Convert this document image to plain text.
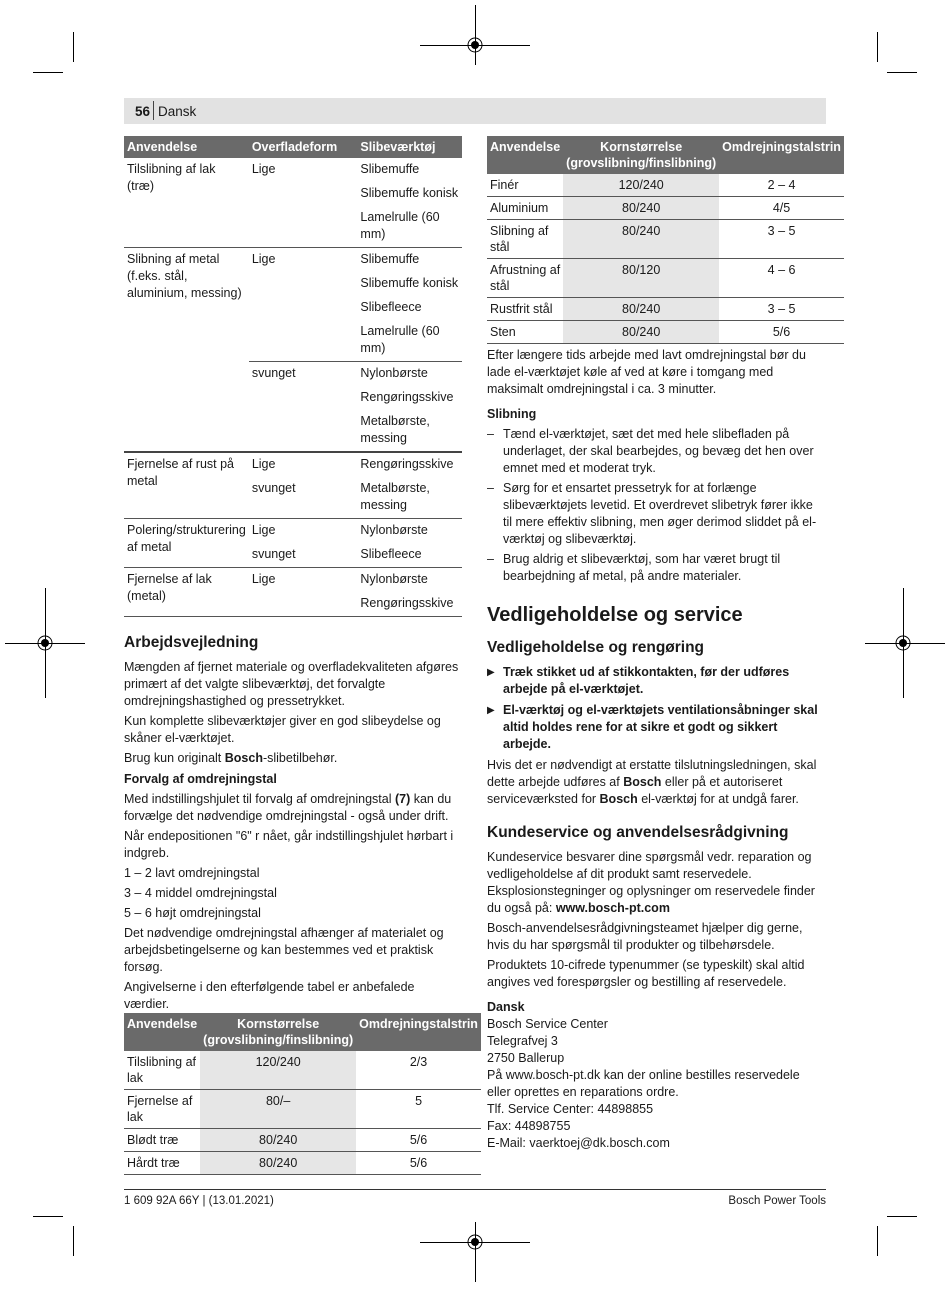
56 Dansk
Anvendelse	Overfladeform	Slibeværktøj
Tilslibning af lak (træ)	Lige	Slibemuffe
		Slibemuffe konisk
		Lamelrulle (60 mm)
Slibning af metal (f.eks. stål, aluminium, messing)	Lige	Slibemuffe
		Slibemuffe konisk
		Slibefleece
		Lamelrulle (60 mm)
	svunget	Nylonbørste
		Rengøringsskive
		Metalbørste, messing
Fjernelse af rust på metal	Lige	Rengøringsskive
	svunget	Metalbørste, messing
Polering/strukturering af metal	Lige	Nylonbørste
	svunget	Slibefleece
Fjernelse af lak (metal)	Lige	Nylonbørste
		Rengøringsskive
Arbejdsvejledning

Mængden af fjernet materiale og overfladekvaliteten afgøres primært af det valgte slibeværktøj, det forvalgte omdrejningshastighed og pressetrykket.

Kun komplette slibeværktøjer giver en god slibeydelse og skåner el-værktøjet.

Brug kun originalt Bosch-slibetilbehør.

Forvalg af omdrejningstal

Med indstillingshjulet til forvalg af omdrejningstal (7) kan du forvælge det nødvendige omdrejningstal - også under drift.

Når endepositionen "6" r nået, går indstillingshjulet hørbart i indgreb.

1 – 2 lavt omdrejningstal

3 – 4 middel omdrejningstal

5 – 6 højt omdrejningstal

Det nødvendige omdrejningstal afhænger af materialet og arbejdsbetingelserne og kan bestemmes ved et praktisk forsøg.

Angivelserne i den efterfølgende tabel er anbefalede værdier.

Anvendelse	Kornstørrelse (grovslibning/finslibning)	Omdrejningstalstrin
Tilslibning af lak	120/240	2/3
Fjernelse af lak	80/–	5
Blødt træ	80/240	5/6
Hårdt træ	80/240	5/6
Anvendelse	Kornstørrelse (grovslibning/finslibning)	Omdrejningstalstrin
Finér	120/240	2 – 4
Aluminium	80/240	4/5
Slibning af stål	80/240	3 – 5
Afrustning af stål	80/120	4 – 6
Rustfrit stål	80/240	3 – 5
Sten	80/240	5/6

Efter længere tids arbejde med lavt omdrejningstal bør du lade el-værktøjet køle af ved at køre i tomgang med maksimalt omdrejningstal i ca. 3 minutter.

Slibning
– Tænd el-værktøjet, sæt det med hele slibefladen på underlaget, der skal bearbejdes, og bevæg det hen over emnet med et moderat tryk.
– Sørg for et ensartet pressetryk for at forlænge slibeværktøjets levetid. Et overdrevet slibetryk fører ikke til mere effektiv slibning, men øger derimod sliddet på el-værktøj og slibeværktøj.
– Brug aldrig et slibeværktøj, som har været brugt til bearbejdning af metal, på andre materialer.
Vedligeholdelse og service
Vedligeholdelse og rengøring
▶ Træk stikket ud af stikkontakten, før der udføres arbejde på el-værktøjet.
▶ El-værktøj og el-værktøjets ventilationsåbninger skal altid holdes rene for at sikre et godt og sikkert arbejde.

Hvis det er nødvendigt at erstatte tilslutningsledningen, skal dette arbejde udføres af Bosch eller på et autoriseret serviceværksted for Bosch el-værktøj for at undgå farer.

Kundeservice og anvendelsesrådgivning

Kundeservice besvarer dine spørgsmål vedr. reparation og vedligeholdelse af dit produkt samt reservedele. Eksplosionstegninger og oplysninger om reservedele finder du også på: www.bosch-pt.com

Bosch-anvendelsesrådgivningsteamet hjælper dig gerne, hvis du har spørgsmål til produkter og tilbehørsdele.

Produktets 10-cifrede typenummer (se typeskilt) skal altid angives ved forespørgsler og bestilling af reservedele.

Dansk
Bosch Service Center
Telegrafvej 3
2750 Ballerup
På www.bosch-pt.dk kan der online bestilles reservedele eller oprettes en reparations ordre.
Tlf. Service Center: 44898855
Fax: 44898755
E-Mail: vaerktoej@dk.bosch.com
1 609 92A 66Y | (13.01.2021)	Bosch Power Tools
